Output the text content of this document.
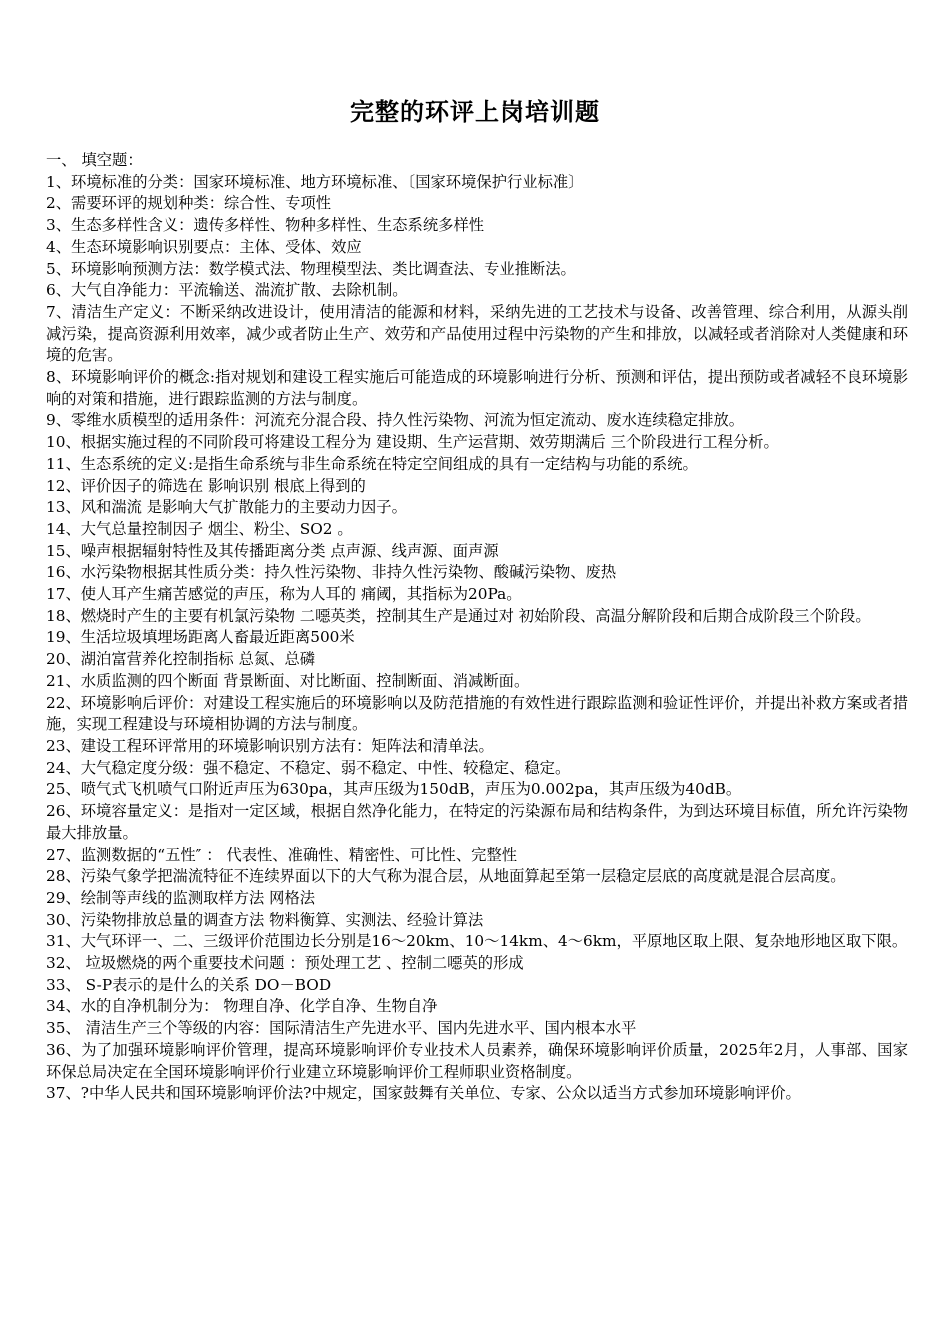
完整的环评上岗培训题

一、 填空题：

1、环境标准的分类：国家环境标准、地方环境标准、〔国家环境保护行业标准〕

2、需要环评的规划种类：综合性、专项性

3、生态多样性含义：遗传多样性、物种多样性、生态系统多样性

4、生态环境影响识别要点：主体、受体、效应

5、环境影响预测方法：数学模式法、物理模型法、类比调查法、专业推断法。

6、大气自净能力：平流输送、湍流扩散、去除机制。

7、清洁生产定义：不断采纳改进设计，使用清洁的能源和材料，采纳先进的工艺技术与设备、改善管理、综合利用，从源头削减污染，提高资源利用效率，减少或者防止生产、效劳和产品使用过程中污染物的产生和排放，以减轻或者消除对人类健康和环境的危害。

8、环境影响评价的概念:指对规划和建设工程实施后可能造成的环境影响进行分析、预测和评估，提出预防或者减轻不良环境影响的对策和措施，进行跟踪监测的方法与制度。

9、零维水质模型的适用条件：河流充分混合段、持久性污染物、河流为恒定流动、废水连续稳定排放。

10、根据实施过程的不同阶段可将建设工程分为 建设期、生产运营期、效劳期满后 三个阶段进行工程分析。

11、生态系统的定义:是指生命系统与非生命系统在特定空间组成的具有一定结构与功能的系统。

12、评价因子的筛选在 影响识别 根底上得到的

13、风和湍流 是影响大气扩散能力的主要动力因子。

14、大气总量控制因子 烟尘、粉尘、SO2 。

15、噪声根据辐射特性及其传播距离分类 点声源、线声源、面声源

16、水污染物根据其性质分类：持久性污染物、非持久性污染物、酸碱污染物、废热

17、使人耳产生痛苦感觉的声压，称为人耳的 痛阈，其指标为20Pa。

18、燃烧时产生的主要有机氯污染物 二噁英类，控制其生产是通过对 初始阶段、高温分解阶段和后期合成阶段三个阶段。

19、生活垃圾填埋场距离人畜最近距离500米

20、湖泊富营养化控制指标 总氮、总磷

21、水质监测的四个断面 背景断面、对比断面、控制断面、消减断面。

22、环境影响后评价：对建设工程实施后的环境影响以及防范措施的有效性进行跟踪监测和验证性评价，并提出补救方案或者措施，实现工程建设与环境相协调的方法与制度。

23、建设工程环评常用的环境影响识别方法有：矩阵法和清单法。

24、大气稳定度分级：强不稳定、不稳定、弱不稳定、中性、较稳定、稳定。

25、喷气式飞机喷气口附近声压为630pa，其声压级为150dB，声压为0.002pa，其声压级为40dB。

26、环境容量定义：是指对一定区域，根据自然净化能力，在特定的污染源布局和结构条件，为到达环境目标值，所允许污染物最大排放量。

27、监测数据的“五性″ ： 代表性、准确性、精密性、可比性、完整性

28、污染气象学把湍流特征不连续界面以下的大气称为混合层，从地面算起至第一层稳定层底的高度就是混合层高度。

29、绘制等声线的监测取样方法 网格法

30、污染物排放总量的调查方法 物料衡算、实测法、经验计算法

31、大气环评一、二、三级评价范围边长分别是16～20km、10～14km、4～6km，平原地区取上限、复杂地形地区取下限。

32、 垃圾燃烧的两个重要技术问题 ：预处理工艺 、控制二噁英的形成

33、 S-P表示的是什么的关系 DO－BOD

34、水的自净机制分为： 物理自净、化学自净、生物自净

35、 清洁生产三个等级的内容：国际清洁生产先进水平、国内先进水平、国内根本水平

36、为了加强环境影响评价管理，提高环境影响评价专业技术人员素养，确保环境影响评价质量，2025年2月，人事部、国家环保总局决定在全国环境影响评价行业建立环境影响评价工程师职业资格制度。

37、?中华人民共和国环境影响评价法?中规定，国家鼓舞有关单位、专家、公众以适当方式参加环境影响评价。
